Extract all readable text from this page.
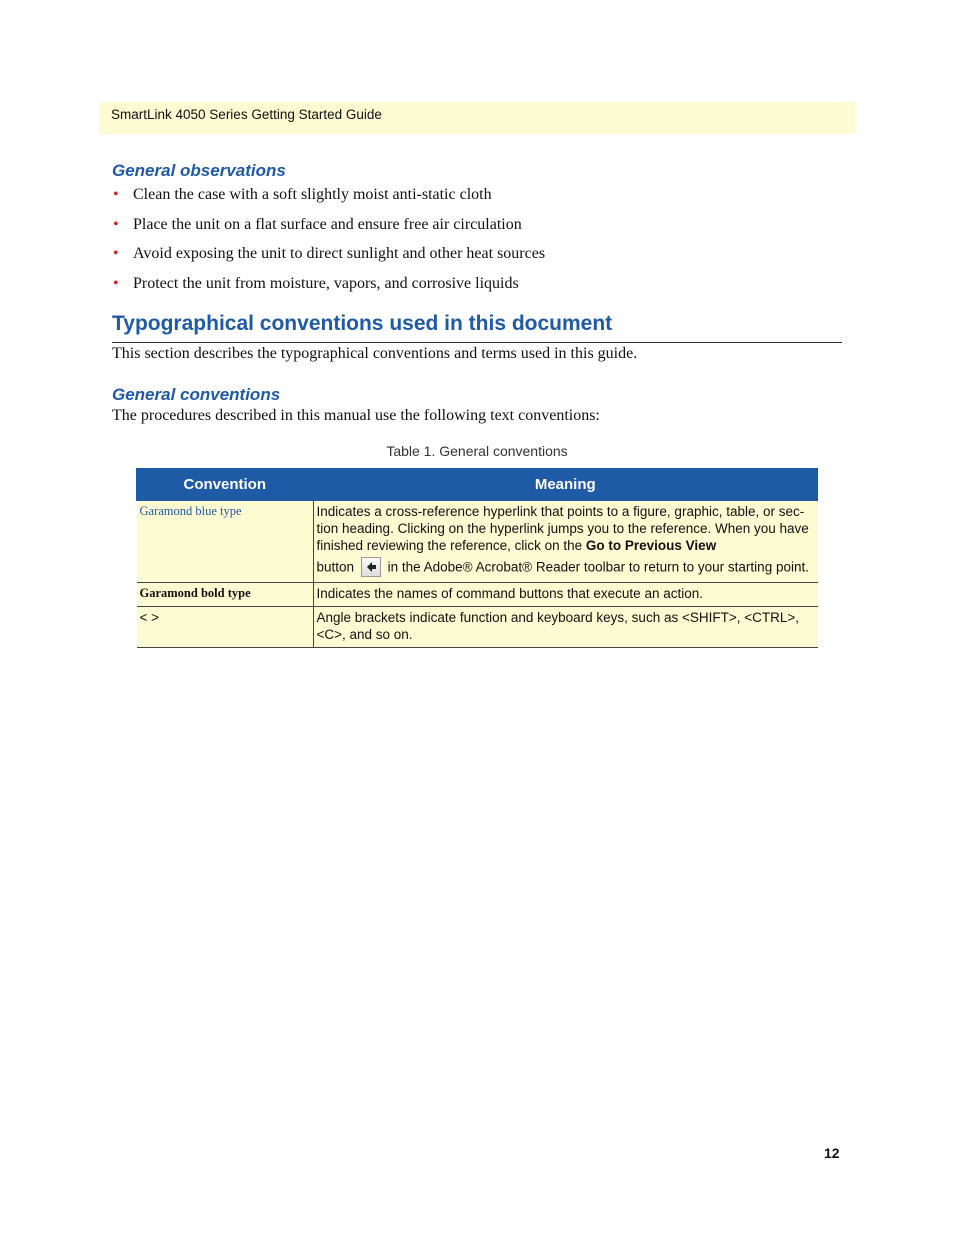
SmartLink 4050 Series Getting Started Guide
General observations
• Clean the case with a soft slightly moist anti-static cloth
• Place the unit on a flat surface and ensure free air circulation
• Avoid exposing the unit to direct sunlight and other heat sources
• Protect the unit from moisture, vapors, and corrosive liquids
Typographical conventions used in this document
This section describes the typographical conventions and terms used in this guide.
General conventions
The procedures described in this manual use the following text conventions:
Table 1. General conventions
Convention	Meaning
Garamond blue type	Indicates a cross-reference hyperlink that points to a figure, graphic, table, or sec-tion heading. Clicking on the hyperlink jumps you to the reference. When you have finished reviewing the reference, click on the Go to Previous View
button in the Adobe® Acrobat® Reader toolbar to return to your starting point.
Garamond bold type	Indicates the names of command buttons that execute an action.
< >	Angle brackets indicate function and keyboard keys, such as <SHIFT>, <CTRL>, <C>, and so on.
12
